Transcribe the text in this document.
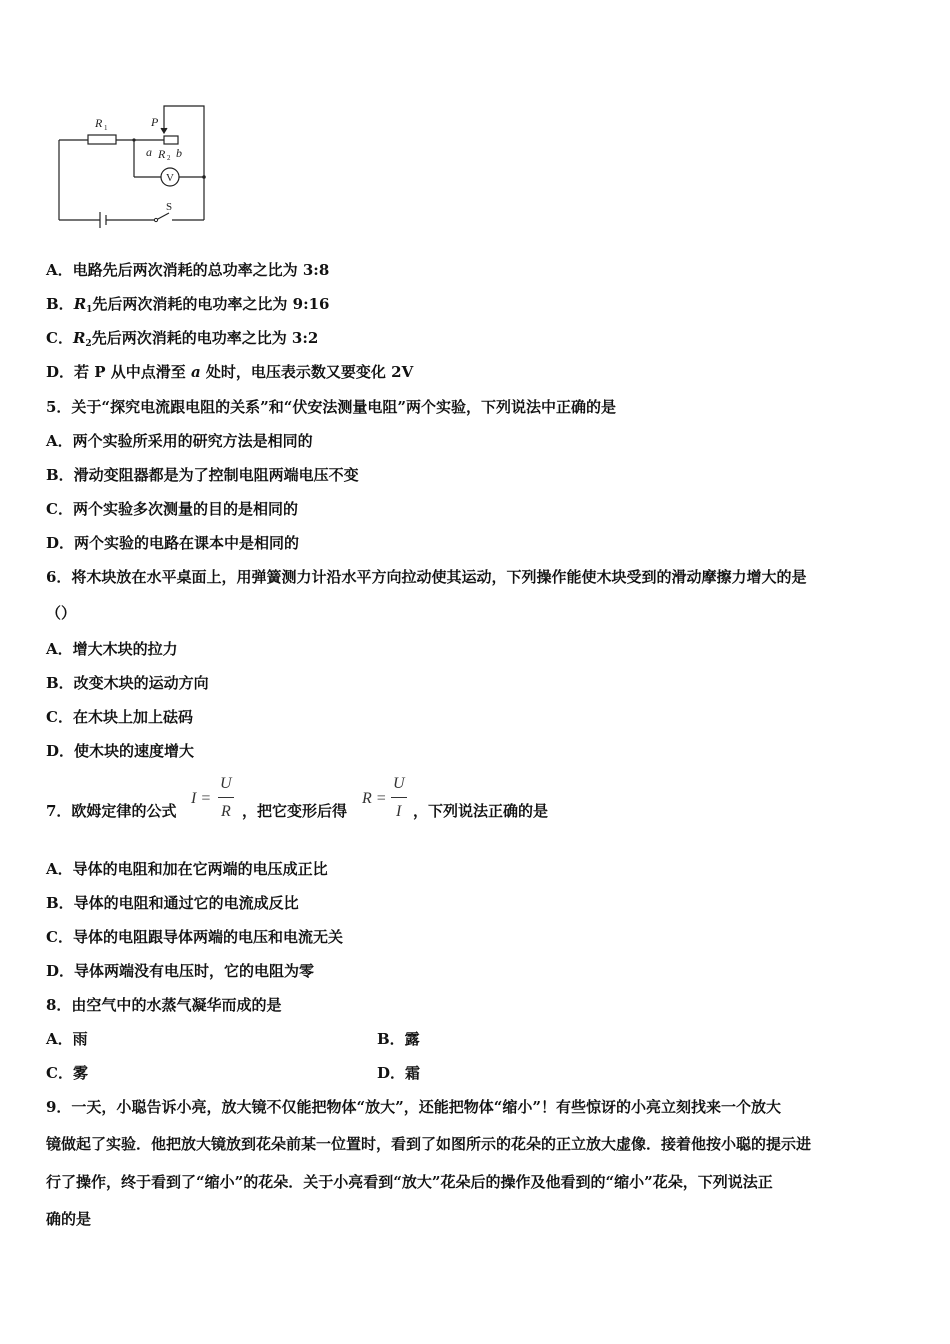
R 1	P
a R 2 b
V
S
A．电路先后两次消耗的总功率之比为 3:8
B．$R_1$先后两次消耗的电功率之比为 9:16
C．$R_2$先后两次消耗的电功率之比为 3:2
D．若 P 从中点滑至 a 处时，电压表示数又要变化 2V
5．关于“探究电流跟电阻的关系”和“伏安法测量电阻”两个实验，下列说法中正确的是
A．两个实验所采用的研究方法是相同的
B．滑动变阻器都是为了控制电阻两端电压不变
C．两个实验多次测量的目的是相同的
D．两个实验的电路在课本中是相同的
6．将木块放在水平桌面上，用弹簧测力计沿水平方向拉动使其运动，下列操作能使木块受到的滑动摩擦力增大的是
（）
A．增大木块的拉力
B．改变木块的运动方向
C．在木块上加上砝码
D．使木块的速度增大
7．欧姆定律的公式
I =
U
R ，把它变形后得
R =
U
I ，下列说法正确的是
A．导体的电阻和加在它两端的电压成正比
B．导体的电阻和通过它的电流成反比
C．导体的电阻跟导体两端的电压和电流无关
D．导体两端没有电压时，它的电阻为零
8．由空气中的水蒸气凝华而成的是
A．雨	B．露
C．雾	D．霜
9．一天，小聪告诉小亮，放大镜不仅能把物体“放大”，还能把物体“缩小”！有些惊讶的小亮立刻找来一个放大
镜做起了实验．他把放大镜放到花朵前某一位置时，看到了如图所示的花朵的正立放大虚像．接着他按小聪的提示进
行了操作，终于看到了“缩小”的花朵．关于小亮看到“放大”花朵后的操作及他看到的“缩小”花朵，下列说法正
确的是
